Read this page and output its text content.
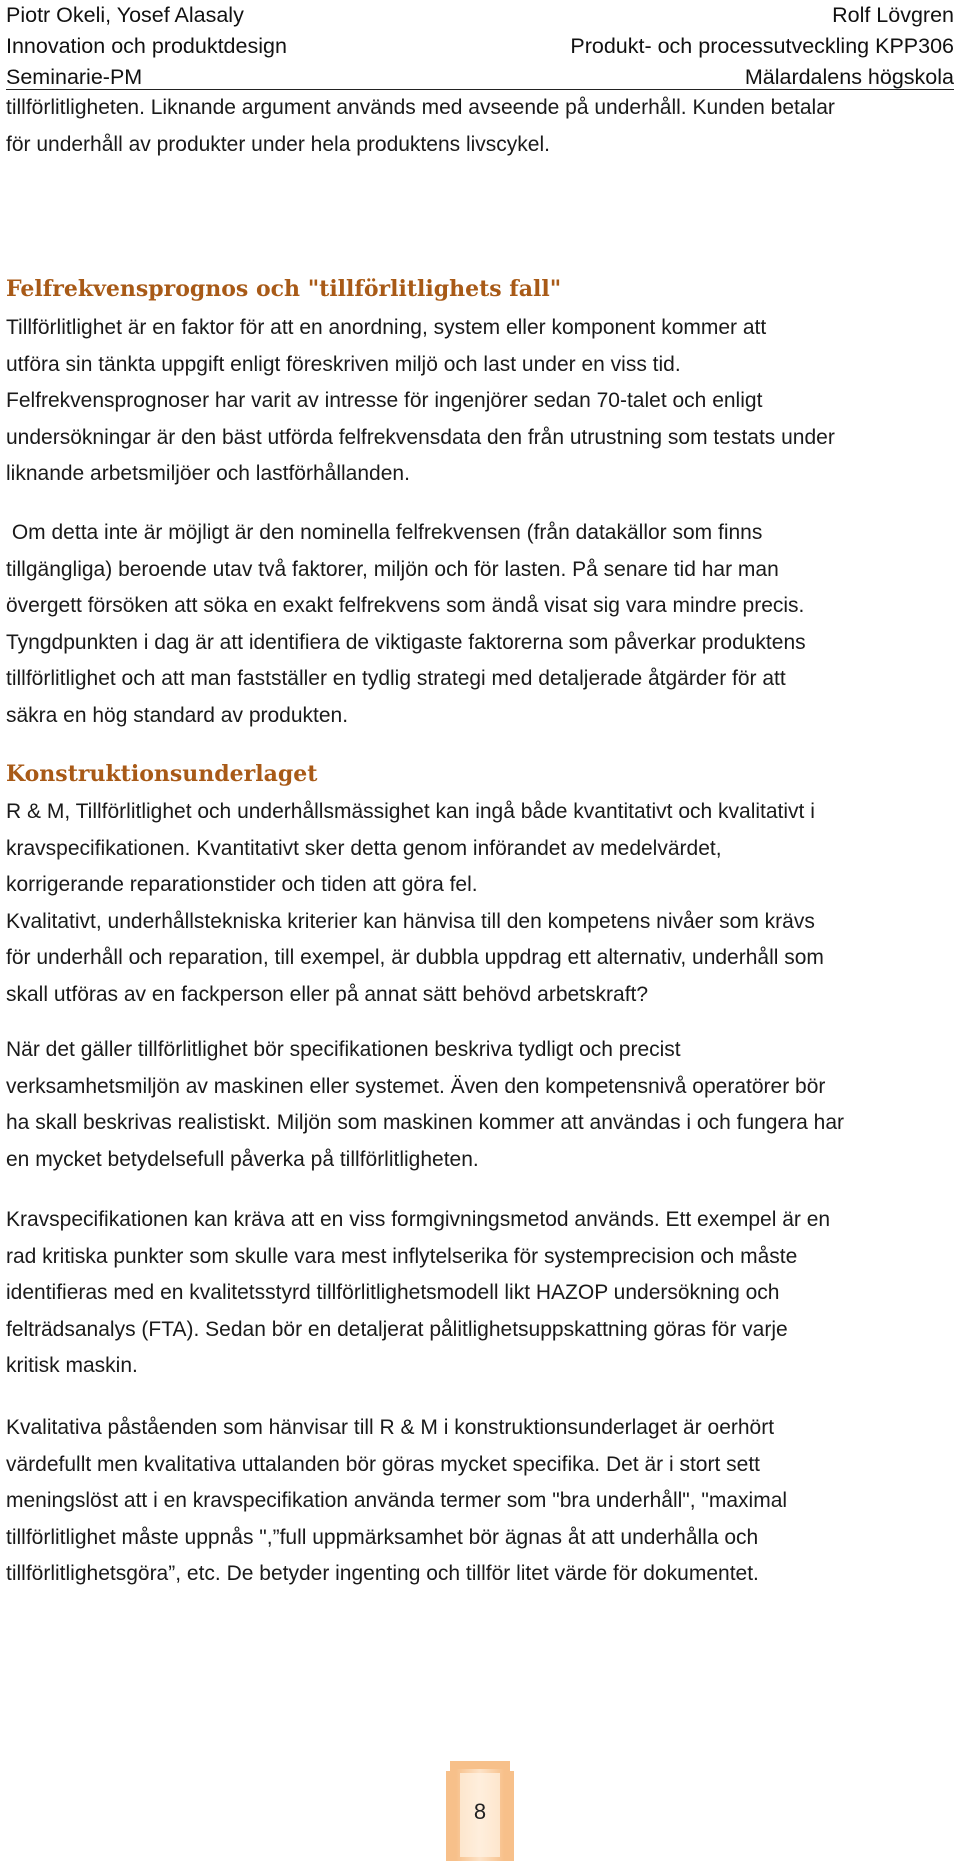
Piotr Okeli, Yosef Alasaly	Rolf Lövgren
Innovation och produktdesign	Produkt- och processutveckling KPP306
Seminarie-PM	Mälardalens högskola

tillförlitligheten. Liknande argument används med avseende på underhåll. Kunden betalar
för underhåll av produkter under hela produktens livscykel.

Felfrekvensprognos och "tillförlitlighets fall"

Tillförlitlighet är en faktor för att en anordning, system eller komponent kommer att
utföra sin tänkta uppgift enligt föreskriven miljö och last under en viss tid.
Felfrekvensprognoser har varit av intresse för ingenjörer sedan 70-talet och enligt
undersökningar är den bäst utförda felfrekvensdata den från utrustning som testats under
liknande arbetsmiljöer och lastförhållanden.

Om detta inte är möjligt är den nominella felfrekvensen (från datakällor som finns
tillgängliga) beroende utav två faktorer, miljön och för lasten. På senare tid har man
övergett försöken att söka en exakt felfrekvens som ändå visat sig vara mindre precis.
Tyngdpunkten i dag är att identifiera de viktigaste faktorerna som påverkar produktens
tillförlitlighet och att man fastställer en tydlig strategi med detaljerade åtgärder för att
säkra en hög standard av produkten.

Konstruktionsunderlaget

R & M, Tillförlitlighet och underhållsmässighet kan ingå både kvantitativt och kvalitativt i
kravspecifikationen. Kvantitativt sker detta genom införandet av medelvärdet,
korrigerande reparationstider och tiden att göra fel.
Kvalitativt, underhållstekniska kriterier kan hänvisa till den kompetens nivåer som krävs
för underhåll och reparation, till exempel, är dubbla uppdrag ett alternativ, underhåll som
skall utföras av en fackperson eller på annat sätt behövd arbetskraft?

När det gäller tillförlitlighet bör specifikationen beskriva tydligt och precist
verksamhetsmiljön av maskinen eller systemet. Även den kompetensnivå operatörer bör
ha skall beskrivas realistiskt. Miljön som maskinen kommer att användas i och fungera har
en mycket betydelsefull påverka på tillförlitligheten.

Kravspecifikationen kan kräva att en viss formgivningsmetod används. Ett exempel är en
rad kritiska punkter som skulle vara mest inflytelserika för systemprecision och måste
identifieras med en kvalitetsstyrd tillförlitlighetsmodell likt HAZOP undersökning och
felträdsanalys (FTA). Sedan bör en detaljerat pålitlighetsuppskattning göras för varje
kritisk maskin.

Kvalitativa påståenden som hänvisar till R & M i konstruktionsunderlaget är oerhört
värdefullt men kvalitativa uttalanden bör göras mycket specifika. Det är i stort sett
meningslöst att i en kravspecifikation använda termer som "bra underhåll", "maximal
tillförlitlighet måste uppnås ",”full uppmärksamhet bör ägnas åt att underhålla och
tillförlitlighetsgöra”, etc. De betyder ingenting och tillför litet värde för dokumentet.

8
